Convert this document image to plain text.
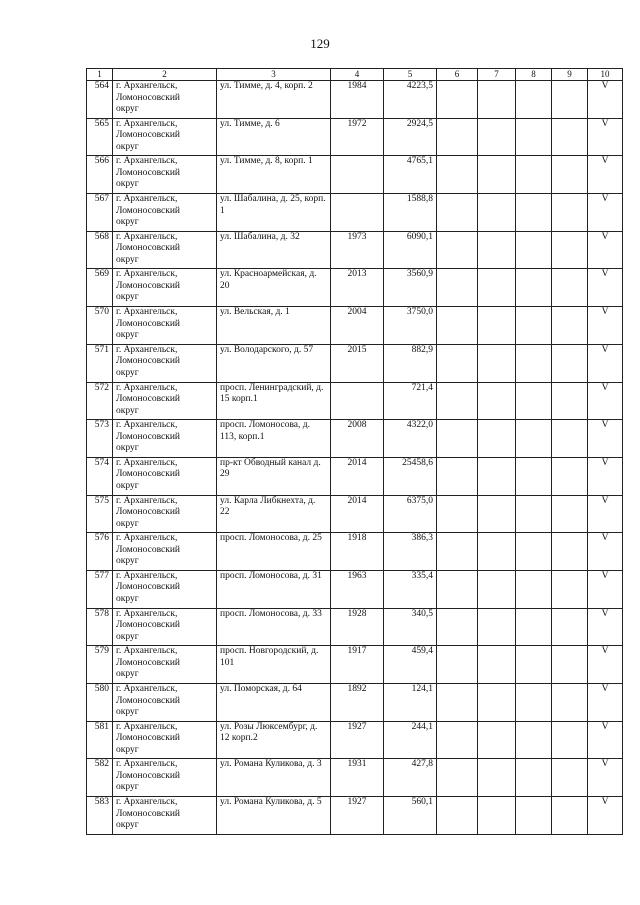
129
1	2	3	4	5	6	7	8	9	10
564	г. Архангельск,
Ломоносовский
округ	ул. Тимме, д. 4, корп. 2	1984	4223,5					V
565	г. Архангельск,
Ломоносовский
округ	ул. Тимме, д. 6	1972	2924,5					V
566	г. Архангельск,
Ломоносовский
округ	ул. Тимме, д. 8, корп. 1		4765,1					V
567	г. Архангельск,
Ломоносовский
округ	ул. Шабалина, д. 25, корп. 1		1588,8					V
568	г. Архангельск,
Ломоносовский
округ	ул. Шабалина, д. 32	1973	6090,1					V
569	г. Архангельск,
Ломоносовский
округ	ул. Красноармейская, д. 20	2013	3560,9					V
570	г. Архангельск,
Ломоносовский
округ	ул. Вельская, д. 1	2004	3750,0					V
571	г. Архангельск,
Ломоносовский
округ	ул. Володарского, д. 57	2015	882,9					V
572	г. Архангельск,
Ломоносовский
округ	просп. Ленинградский, д. 15 корп.1		721,4					V
573	г. Архангельск,
Ломоносовский
округ	просп. Ломоносова, д. 113, корп.1	2008	4322,0					V
574	г. Архангельск,
Ломоносовский
округ	пр-кт Обводный канал д. 29	2014	25458,6					V
575	г. Архангельск,
Ломоносовский
округ	ул. Карла Либкнехта, д. 22	2014	6375,0					V
576	г. Архангельск,
Ломоносовский
округ	просп. Ломоносова, д. 25	1918	386,3					V
577	г. Архангельск,
Ломоносовский
округ	просп. Ломоносова, д. 31	1963	335,4					V
578	г. Архангельск,
Ломоносовский
округ	просп. Ломоносова, д. 33	1928	340,5					V
579	г. Архангельск,
Ломоносовский
округ	просп. Новгородский, д. 101	1917	459,4					V
580	г. Архангельск,
Ломоносовский
округ	ул. Поморская, д. 64	1892	124,1					V
581	г. Архангельск,
Ломоносовский
округ	ул. Розы Люксембург, д. 12 корп.2	1927	244,1					V
582	г. Архангельск,
Ломоносовский
округ	ул. Романа Куликова, д. 3	1931	427,8					V
583	г. Архангельск,
Ломоносовский
округ	ул. Романа Куликова, д. 5	1927	560,1					V
